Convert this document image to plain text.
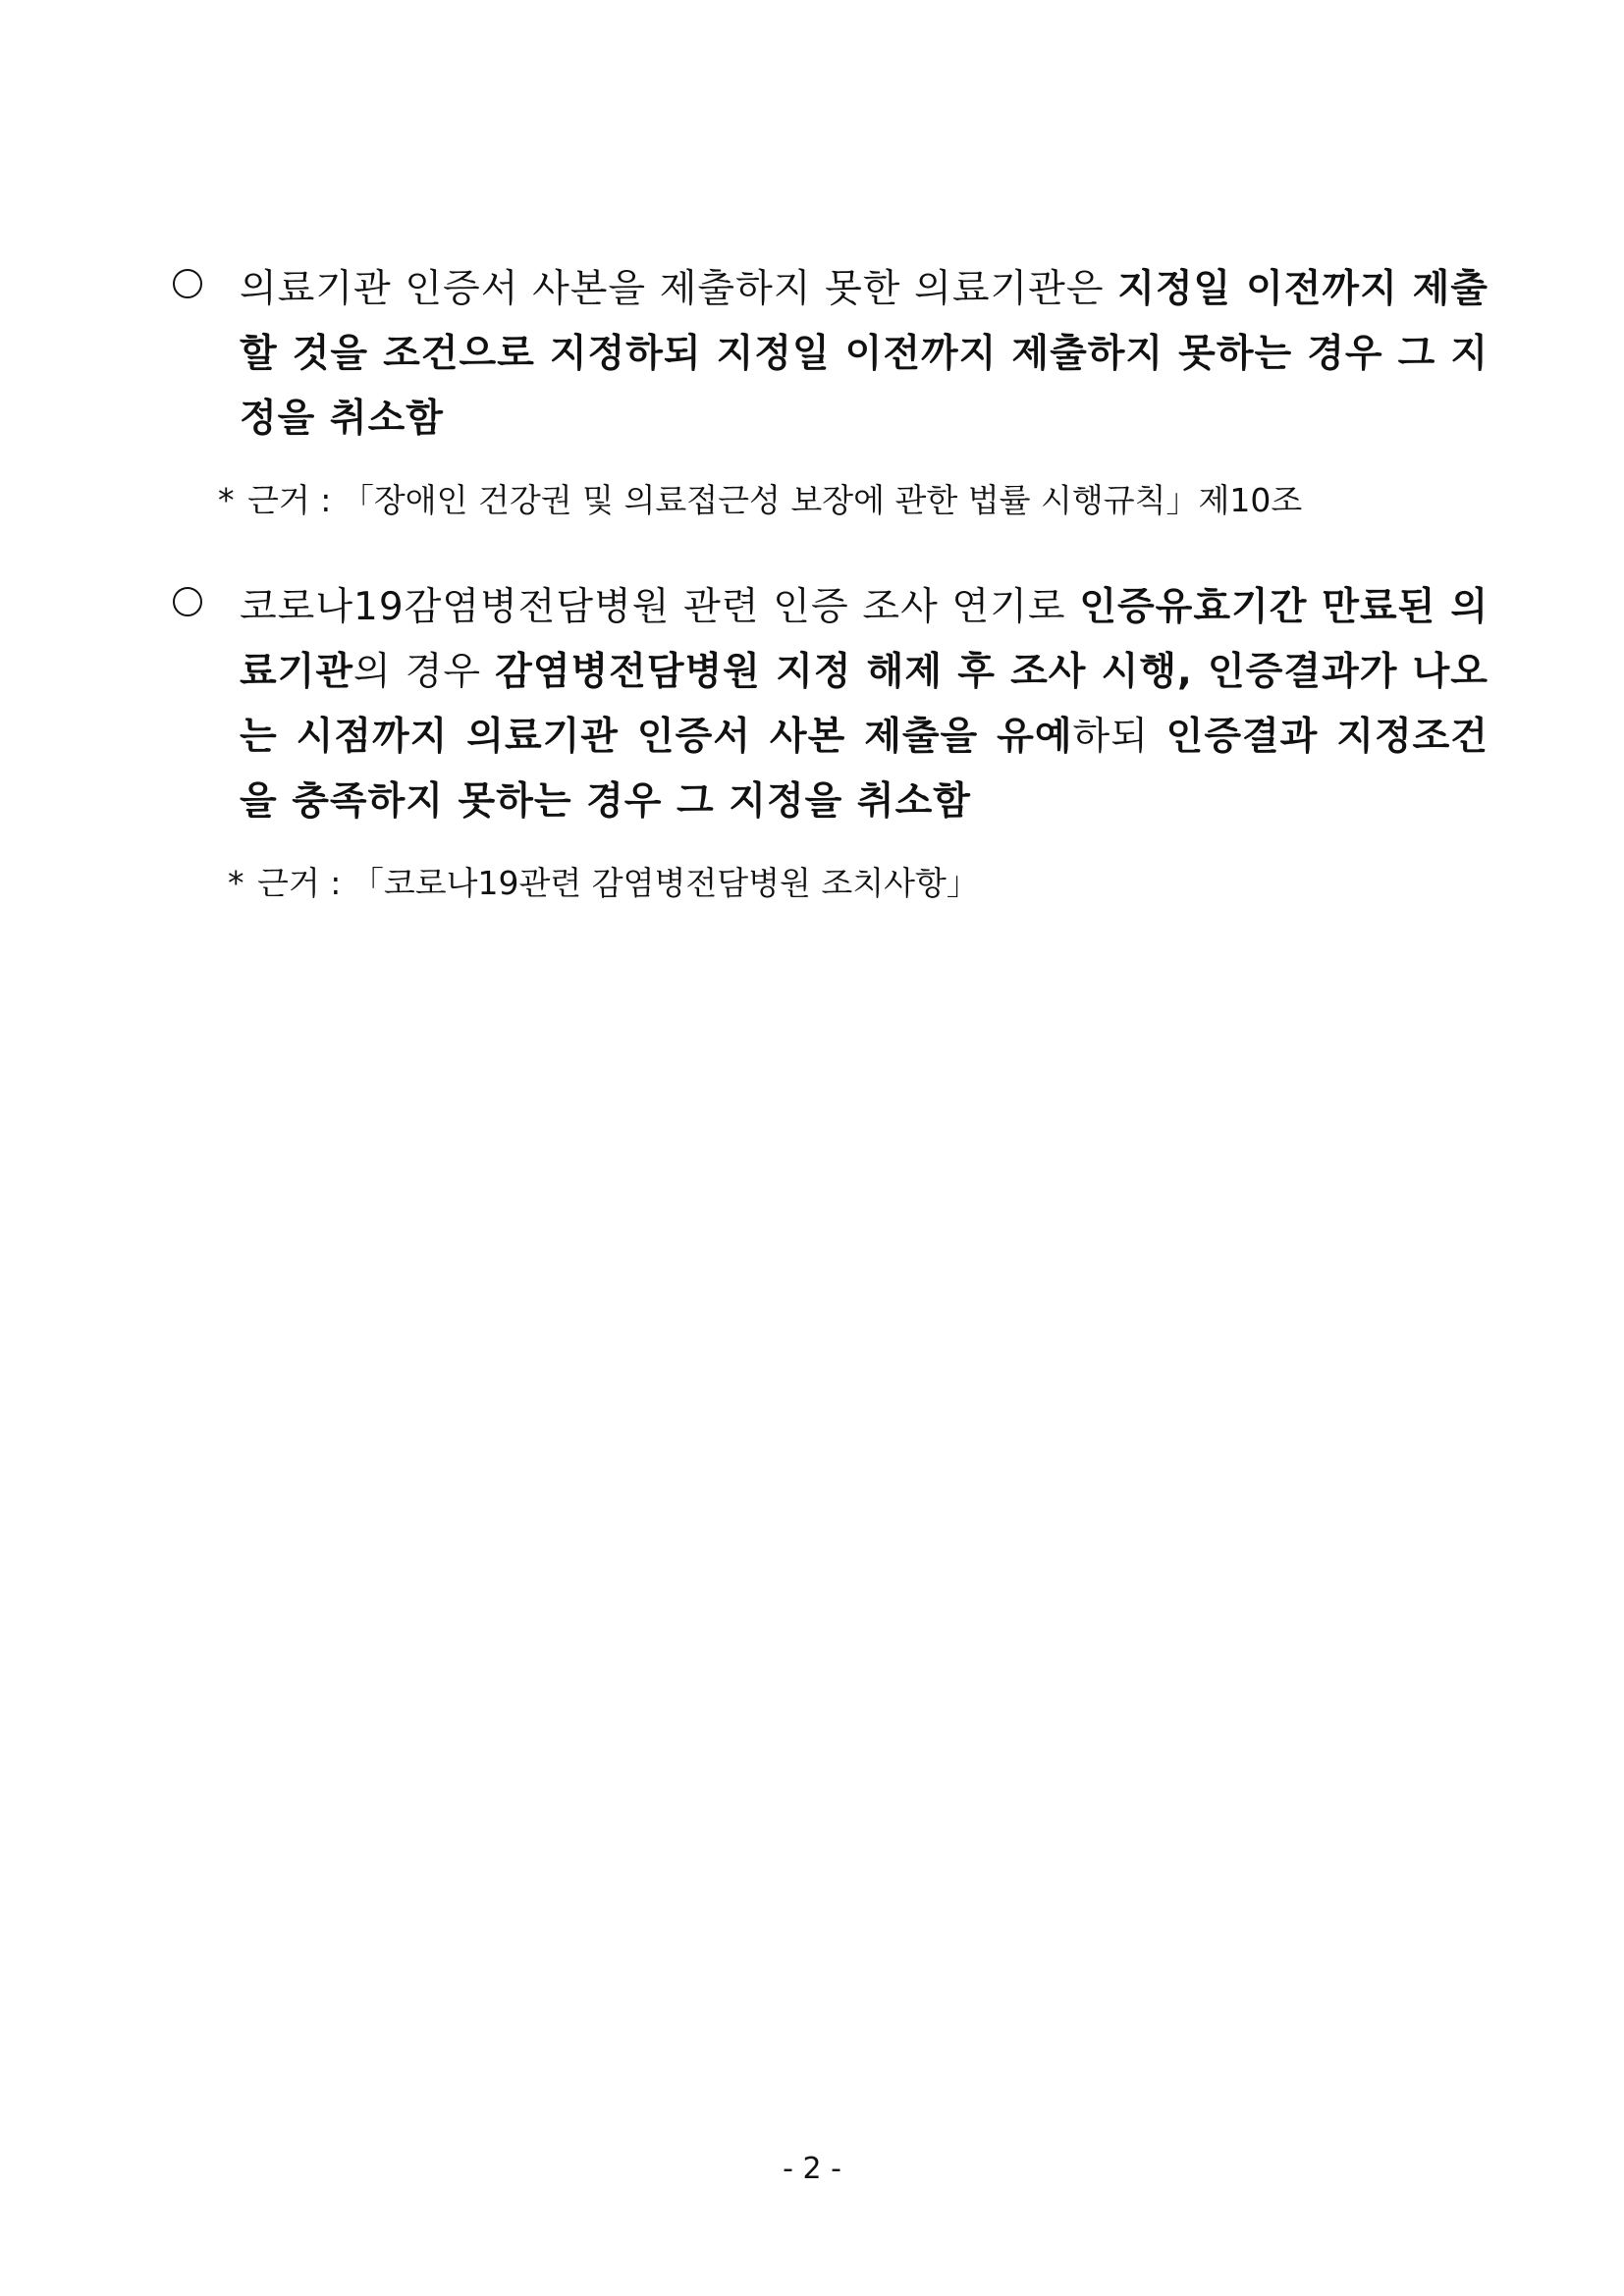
의료기관 인증서 사본을 제출하지 못한 의료기관은 지정일 이전까지 제출할 것을 조건으로 지정하되 지정일 이전까지 제출하지 못하는 경우 그 지정을 취소함
* 근거 : 「장애인 건강권 및 의료접근성 보장에 관한 법률 시행규칙」제10조
코로나19감염병전담병원 관련 인증 조사 연기로 인증유효기간 만료된 의료기관의 경우 감염병전담병원 지정 해제 후 조사 시행, 인증결과가 나오는 시점까지 의료기관 인증서 사본 제출을 유예하되 인증결과 지정조건을 충족하지 못하는 경우 그 지정을 취소함
* 근거 : 「코로나19관련 감염병전담병원 조치사항」
- 2 -
